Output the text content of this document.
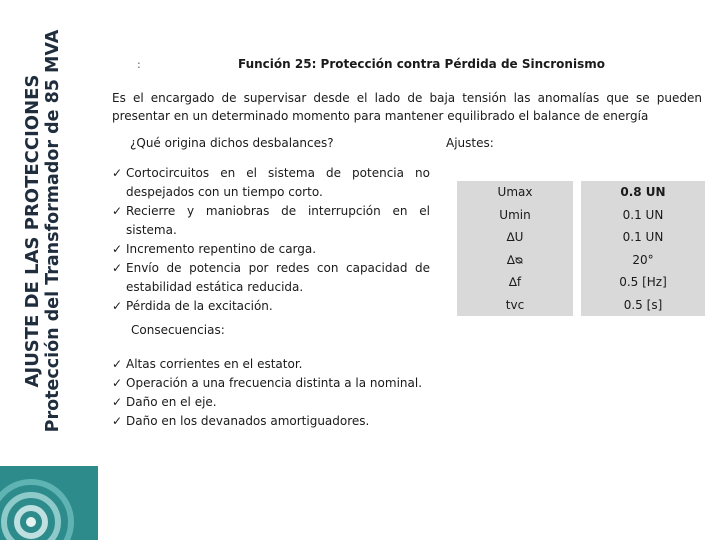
AJUSTE DE LAS PROTECCIONES Protección del Transformador de 85 MVA	:	Función 25: Protección contra Pérdida de Sincronismo
Es el encargado de supervisar desde el lado de baja tensión las anomalías que se pueden presentar en un determinado momento para mantener equilibrado el balance de energía
¿Qué origina dichos desbalances?	Ajustes:
✓ Cortocircuitos en el sistema de potencia no despejados con un tiempo corto.
✓ Recierre y maniobras de interrupción en el sistema.
✓ Incremento repentino de carga.
✓ Envío de potencia por redes con capacidad de estabilidad estática reducida.
✓ Pérdida de la excitación.
Consecuencias:
✓ Altas corrientes en el estator.
✓ Operación a una frecuencia distinta a la nominal.
✓ Daño en el eje.
✓ Daño en los devanados amortiguadores.
Umax		0.8 UN
Umin		0.1 UN
∆U		0.1 UN
∆ᴓ		20°
∆f		0.5 [Hz]
tvc		0.5 [s]
